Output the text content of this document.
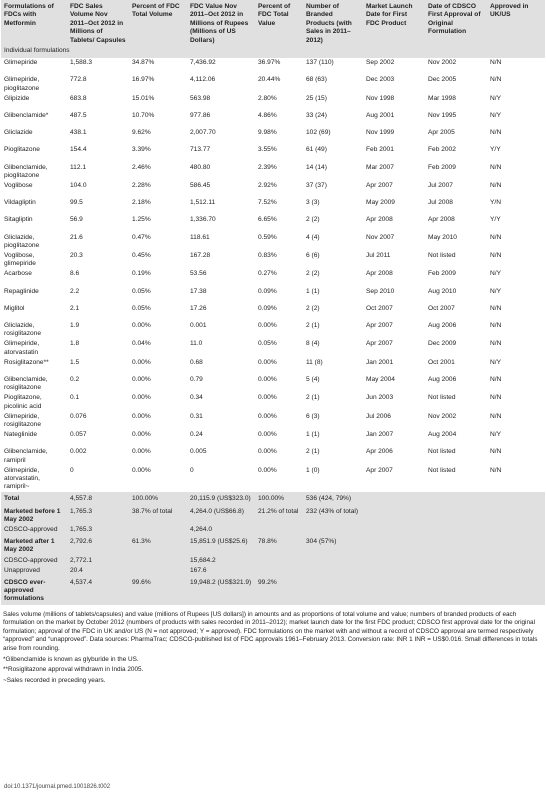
Formulations of FDCs with Metformin	FDC Sales Volume Nov 2011–Oct 2012 in Millions of Tablets/ Capsules	Percent of FDC Total Volume	FDC Value Nov 2011–Oct 2012 in Millions of Rupees (Millions of US Dollars)	Percent of FDC Total Value	Number of Branded Products (with Sales in 2011–2012)	Market Launch Date for First FDC Product	Date of CDSCO First Approval of Original Formulation	Approved in UK/US
Individual formulations								
Glimepiride	1,588.3	34.87%	7,436.92	36.97%	137 (110)	Sep 2002	Nov 2002	N/N
Glimepiride, pioglitazone	772.8	16.97%	4,112.06	20.44%	68 (63)	Dec 2003	Dec 2005	N/N
Glipizide	683.8	15.01%	563.98	2.80%	25 (15)	Nov 1998	Mar 1998	N/Y
Glibenclamide*	487.5	10.70%	977.86	4.86%	33 (24)	Aug 2001	Nov 1995	N/Y
Gliclazide	438.1	9.62%	2,007.70	9.98%	102 (69)	Nov 1999	Apr 2005	N/N
Pioglitazone	154.4	3.39%	713.77	3.55%	61 (49)	Feb 2001	Feb 2002	Y/Y
Glibenclamide, pioglitazone	112.1	2.46%	480.80	2.39%	14 (14)	Mar 2007	Feb 2009	N/N
Voglibose	104.0	2.28%	586.45	2.92%	37 (37)	Apr 2007	Jul 2007	N/N
Vildagliptin	99.5	2.18%	1,512.11	7.52%	3 (3)	May 2009	Jul 2008	Y/N
Sitagliptin	56.9	1.25%	1,336.70	6.65%	2 (2)	Apr 2008	Apr 2008	Y/Y
Gliclazide, pioglitazone	21.6	0.47%	118.61	0.59%	4 (4)	Nov 2007	May 2010	N/N
Voglibose, glimepiride	20.3	0.45%	167.28	0.83%	6 (6)	Jul 2011	Not listed	N/N
Acarbose	8.6	0.19%	53.56	0.27%	2 (2)	Apr 2008	Feb 2009	N/Y
Repaglinide	2.2	0.05%	17.38	0.09%	1 (1)	Sep 2010	Aug 2010	N/Y
Miglitol	2.1	0.05%	17.26	0.09%	2 (2)	Oct 2007	Oct 2007	N/N
Gliclazide, rosiglitazone	1.9	0.00%	0.001	0.00%	2 (1)	Apr 2007	Aug 2006	N/N
Glimepiride, atorvastatin	1.8	0.04%	11.0	0.05%	8 (4)	Apr 2007	Dec 2009	N/N
Rosiglitazone**	1.5	0.00%	0.68	0.00%	11 (8)	Jan 2001	Oct 2001	N/Y
Glibenclamide, rosiglitazone	0.2	0.00%	0.79	0.00%	5 (4)	May 2004	Aug 2006	N/N
Pioglitazone, picolinic acid	0.1	0.00%	0.34	0.00%	2 (1)	Jun 2003	Not listed	N/N
Glimepiride, rosiglitazone	0.076	0.00%	0.31	0.00%	6 (3)	Jul 2006	Nov 2002	N/N
Nateglinide	0.057	0.00%	0.24	0.00%	1 (1)	Jan 2007	Aug 2004	N/Y
Glibenclamide, ramipril	0.002	0.00%	0.005	0.00%	2 (1)	Apr 2006	Not listed	N/N
Glimepiride, atorvastatin, ramipril~	0	0.00%	0	0.00%	1 (0)	Apr 2007	Not listed	N/N
Total	4,557.8	100.00%	20,115.9 (US$323.0)	100.00%	536 (424, 79%)			
Marketed before 1 May 2002	1,765.3	38.7% of total	4,264.0 (US$66.8)	21.2% of total	232 (43% of total)			
CDSCO-approved	1,765.3		4,264.0					
Marketed after 1 May 2002	2,792.6	61.3%	15,851.9 (US$25.6)	78.8%	304 (57%)			
CDSCO-approved	2,772.1		15,684.2					
Unapproved	20.4		167.6					
CDSCO ever-approved formulations	4,537.4	99.6%	19,948.2 (US$321.9)	99.2%				

Sales volume (millions of tablets/capsules) and value (millions of Rupees [US dollars]) in amounts and as proportions of total volume and value; numbers of branded products of each formulation on the market by October 2012 (numbers of products with sales recorded in 2011–2012); market launch date for the first FDC product; CDSCO first approval date for the original formulation; approval of the FDC in UK and/or US (N = not approved; Y = approved). FDC formulations on the market with and without a record of CDSCO approval are termed respectively “approved” and “unapproved”. Data sources: PharmaTrac; CDSCO-published list of FDC approvals 1961–February 2013. Conversion rate: INR 1 INR = US$0.016. Small differences in totals arise from rounding.

*Glibenclamide is known as glyburide in the US.

**Rosiglitazone approval withdrawn in India 2005.

~Sales recorded in preceding years.

doi:10.1371/journal.pmed.1001826.t002
